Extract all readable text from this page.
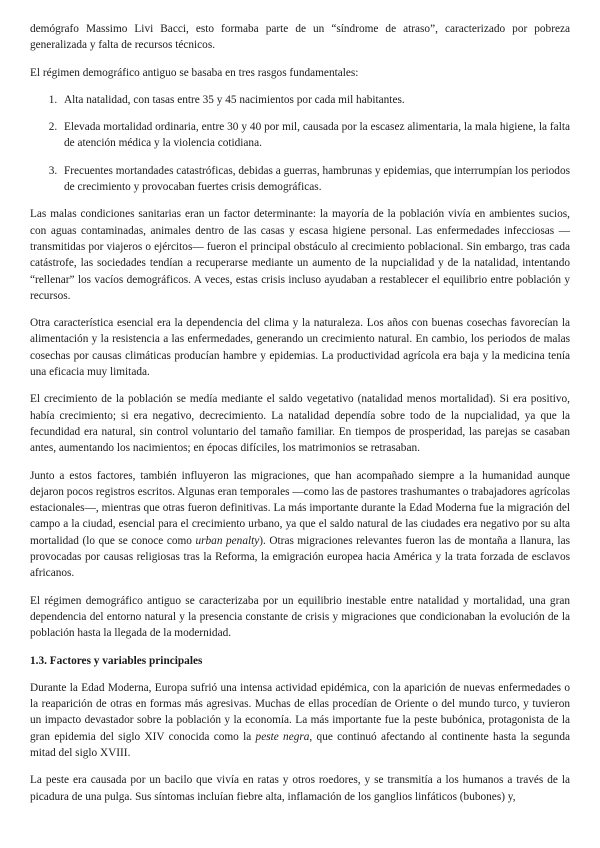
demógrafo Massimo Livi Bacci, esto formaba parte de un “síndrome de atraso”, caracterizado por pobreza generalizada y falta de recursos técnicos.

El régimen demográfico antiguo se basaba en tres rasgos fundamentales:

1. Alta natalidad, con tasas entre 35 y 45 nacimientos por cada mil habitantes.
2. Elevada mortalidad ordinaria, entre 30 y 40 por mil, causada por la escasez alimentaria, la mala higiene, la falta de atención médica y la violencia cotidiana.
3. Frecuentes mortandades catastróficas, debidas a guerras, hambrunas y epidemias, que interrumpían los periodos de crecimiento y provocaban fuertes crisis demográficas.

Las malas condiciones sanitarias eran un factor determinante: la mayoría de la población vivía en ambientes sucios, con aguas contaminadas, animales dentro de las casas y escasa higiene personal. Las enfermedades infecciosas —transmitidas por viajeros o ejércitos— fueron el principal obstáculo al crecimiento poblacional. Sin embargo, tras cada catástrofe, las sociedades tendían a recuperarse mediante un aumento de la nupcialidad y de la natalidad, intentando “rellenar” los vacíos demográficos. A veces, estas crisis incluso ayudaban a restablecer el equilibrio entre población y recursos.

Otra característica esencial era la dependencia del clima y la naturaleza. Los años con buenas cosechas favorecían la alimentación y la resistencia a las enfermedades, generando un crecimiento natural. En cambio, los periodos de malas cosechas por causas climáticas producían hambre y epidemias. La productividad agrícola era baja y la medicina tenía una eficacia muy limitada.

El crecimiento de la población se medía mediante el saldo vegetativo (natalidad menos mortalidad). Si era positivo, había crecimiento; si era negativo, decrecimiento. La natalidad dependía sobre todo de la nupcialidad, ya que la fecundidad era natural, sin control voluntario del tamaño familiar. En tiempos de prosperidad, las parejas se casaban antes, aumentando los nacimientos; en épocas difíciles, los matrimonios se retrasaban.

Junto a estos factores, también influyeron las migraciones, que han acompañado siempre a la humanidad aunque dejaron pocos registros escritos. Algunas eran temporales —como las de pastores trashumantes o trabajadores agrícolas estacionales—, mientras que otras fueron definitivas. La más importante durante la Edad Moderna fue la migración del campo a la ciudad, esencial para el crecimiento urbano, ya que el saldo natural de las ciudades era negativo por su alta mortalidad (lo que se conoce como urban penalty). Otras migraciones relevantes fueron las de montaña a llanura, las provocadas por causas religiosas tras la Reforma, la emigración europea hacia América y la trata forzada de esclavos africanos.

El régimen demográfico antiguo se caracterizaba por un equilibrio inestable entre natalidad y mortalidad, una gran dependencia del entorno natural y la presencia constante de crisis y migraciones que condicionaban la evolución de la población hasta la llegada de la modernidad.

1.3. Factores y variables principales

Durante la Edad Moderna, Europa sufrió una intensa actividad epidémica, con la aparición de nuevas enfermedades o la reaparición de otras en formas más agresivas. Muchas de ellas procedían de Oriente o del mundo turco, y tuvieron un impacto devastador sobre la población y la economía. La más importante fue la peste bubónica, protagonista de la gran epidemia del siglo XIV conocida como la peste negra, que continuó afectando al continente hasta la segunda mitad del siglo XVIII.

La peste era causada por un bacilo que vivía en ratas y otros roedores, y se transmitía a los humanos a través de la picadura de una pulga. Sus síntomas incluían fiebre alta, inflamación de los ganglios linfáticos (bubones) y,
